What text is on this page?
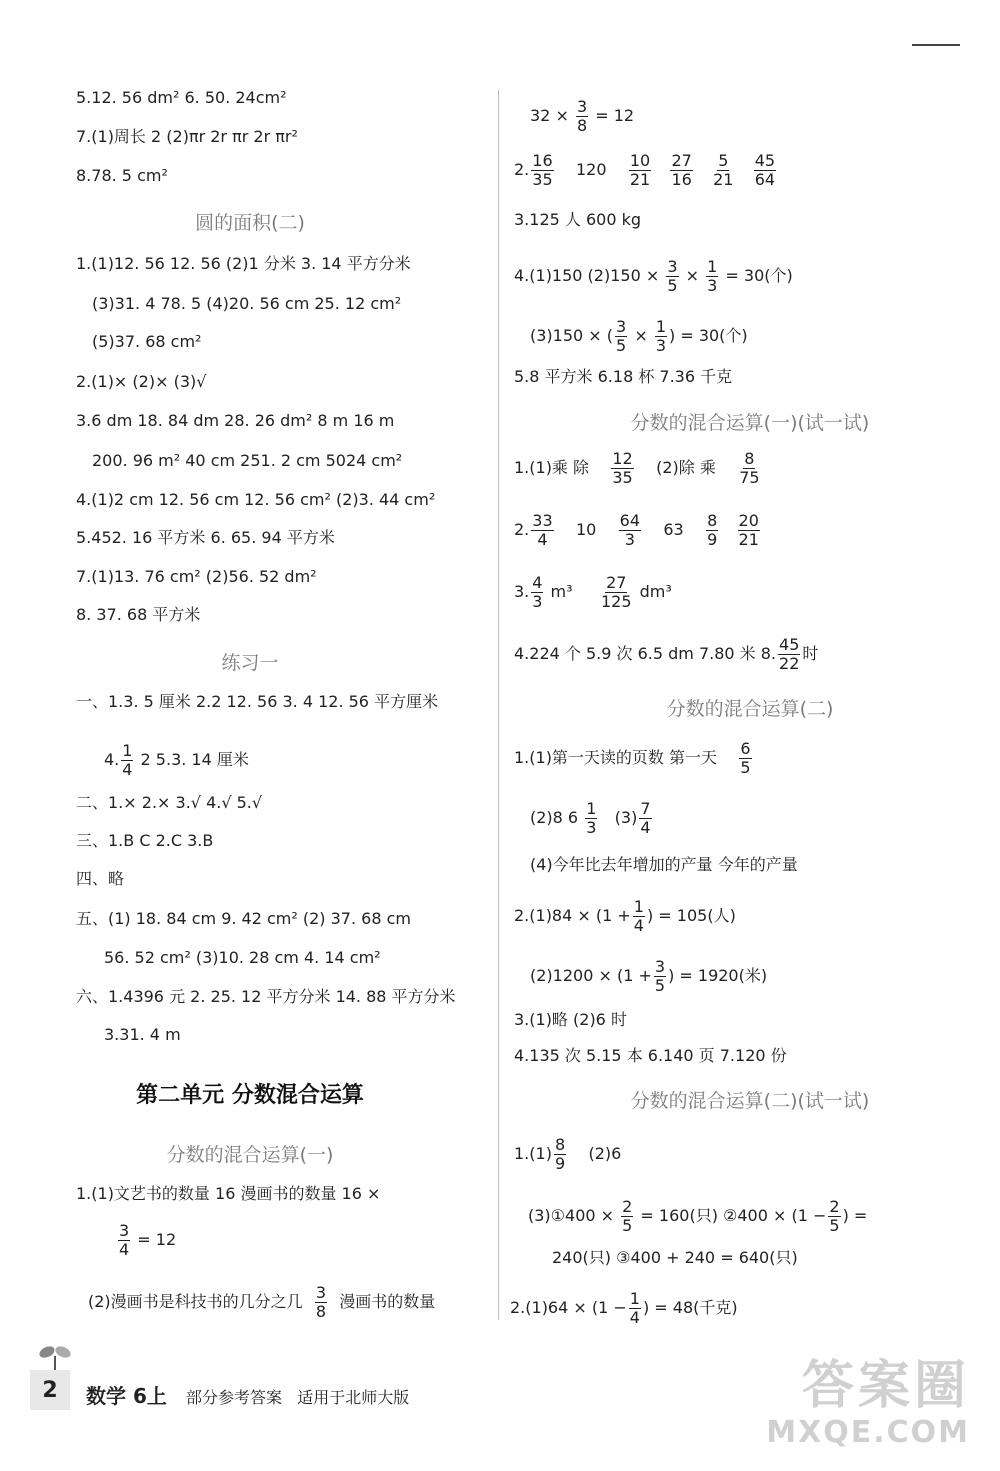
5.12. 56 dm² 6. 50. 24cm²
7.(1)周长 2 (2)πr 2r πr 2r πr²
8.78. 5 cm²
圆的面积(二)
1.(1)12. 56 12. 56 (2)1 分米 3. 14 平方分米
(3)31. 4 78. 5 (4)20. 56 cm 25. 12 cm²
(5)37. 68 cm²
2.(1)× (2)× (3)√
3.6 dm 18. 84 dm 28. 26 dm² 8 m 16 m
200. 96 m² 40 cm 251. 2 cm 5024 cm²
4.(1)2 cm 12. 56 cm 12. 56 cm² (2)3. 44 cm²
5.452. 16 平方米 6. 65. 94 平方米
7.(1)13. 76 cm² (2)56. 52 dm²
8. 37. 68 平方米
练习一
一、1.3. 5 厘米 2.2 12. 56 3. 4 12. 56 平方厘米
4. $\frac{1}{4} 2$ 5.3. 14 厘米
二、1.× 2.× 3.√ 4.√ 5.√
三、1.B C 2.C 3.B
四、略
五、(1) 18. 84 cm 9. 42 cm² (2) 37. 68 cm
56. 52 cm² (3)10. 28 cm 4. 14 cm²
六、1.4396 元 2. 25. 12 平方分米 14. 88 平方分米
3.31. 4 m
第二单元 分数混合运算
分数的混合运算(一)
1.(1)文艺书的数量 16 漫画书的数量 16 ×
$\frac{3}{4} = 12$
(2)漫画书是科技书的几分之几 $\frac{3}{8}$ 漫画书的数量
$32 \times \frac{3}{8} = 12$
2. $\frac{16}{35} 120 \frac{10}{21}$
$\frac{27}{16}$
$\frac{5}{21}$
$\frac{45}{64}$
3.125 人 600 kg
4.(1)150 $(2)150 \times \frac{3}{5} \times \frac{1}{3} = 30$(个)
(3)150 × ( $\frac{3}{5} \times \frac{1}{3}$ ) = 30(个)
5.8 平方米 6.18 杯 7.36 千克
分数的混合运算(一)(试一试)
1.(1)乘 除 $\frac{12}{35} (2)$除 乘 $\frac{8}{75}$
2. $\frac{33}{4} 10 \frac{64}{3} 63 \frac{8}{9}$
$\frac{20}{21}$
3. $\frac{4}{3} m^3 \frac{27}{125} dm^3$
4.224 个 5.9 次 6.5 dm 7.80 米 8. $\frac{45}{22}$ 时
分数的混合运算(二)
1.(1)第一天读的页数 第一天 $\frac{6}{5}$
(2)8 $6 \frac{1}{3} (3) \frac{7}{4}$
(4)今年比去年增加的产量 今年的产量
$2.(1)84 \times (1 + \frac{1}{4}$ ) = 105(人)
$(2)1200 \times (1 + \frac{3}{5}$ ) = 1920(米)
3.(1)略 (2)6 时
4.135 次 5.15 本 6.140 页 7.120 份
分数的混合运算(二)(试一试)
$1.(1) \frac{8}{9} (2)6$
(3)①400 × $\frac{2}{5} = 160$(只) ②400 × ($1 - \frac{2}{5}$ ) =
240(只) ③400 + 240 = 640(只)
$2.(1)64 \times (1 - \frac{1}{4}$ ) = 48(千克)
2	数学 6上 部分参考答案 适用于北师大版	答案圈
MXQE.COM
